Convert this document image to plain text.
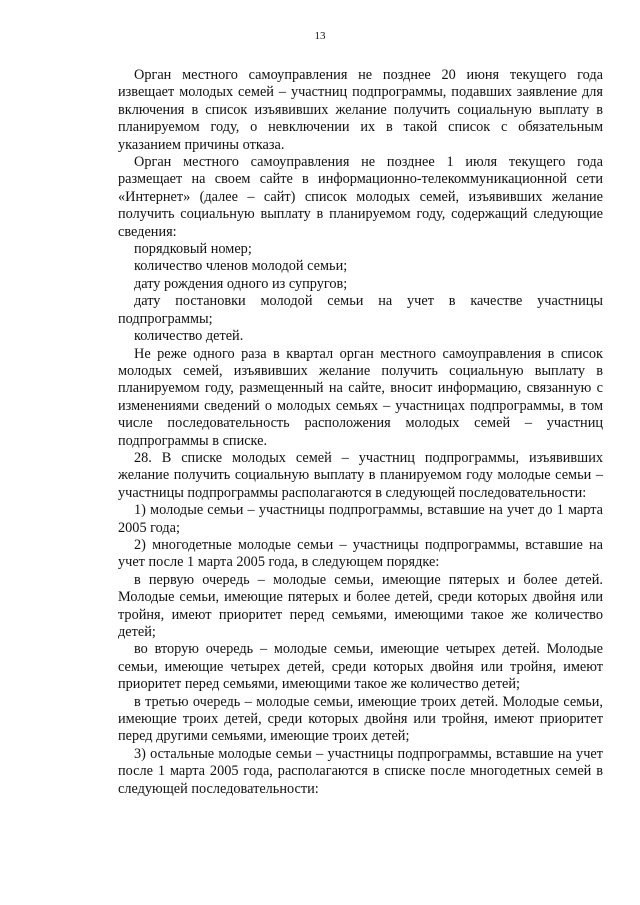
13

Орган местного самоуправления не позднее 20 июня текущего года извещает молодых семей – участниц подпрограммы, подавших заявление для включения в список изъявивших желание получить социальную выплату в планируемом году, о невключении их в такой список с обязательным указанием причины отказа.

Орган местного самоуправления не позднее 1 июля текущего года размещает на своем сайте в информационно-телекоммуникационной сети «Интернет» (далее – сайт) список молодых семей, изъявивших желание получить социальную выплату в планируемом году, содержащий следующие сведения:

порядковый номер;

количество членов молодой семьи;

дату рождения одного из супругов;

дату постановки молодой семьи на учет в качестве участницы подпрограммы;

количество детей.

Не реже одного раза в квартал орган местного самоуправления в список молодых семей, изъявивших желание получить социальную выплату в планируемом году, размещенный на сайте, вносит информацию, связанную с изменениями сведений о молодых семьях – участницах подпрограммы, в том числе последовательность расположения молодых семей – участниц подпрограммы в списке.

28. В списке молодых семей – участниц подпрограммы, изъявивших желание получить социальную выплату в планируемом году молодые семьи – участницы подпрограммы располагаются в следующей последовательности:

1) молодые семьи – участницы подпрограммы, вставшие на учет до 1 марта 2005 года;

2) многодетные молодые семьи – участницы подпрограммы, вставшие на учет после 1 марта 2005 года, в следующем порядке:

в первую очередь – молодые семьи, имеющие пятерых и более детей. Молодые семьи, имеющие пятерых и более детей, среди которых двойня или тройня, имеют приоритет перед семьями, имеющими такое же количество детей;

во вторую очередь – молодые семьи, имеющие четырех детей. Молодые семьи, имеющие четырех детей, среди которых двойня или тройня, имеют приоритет перед семьями, имеющими такое же количество детей;

в третью очередь – молодые семьи, имеющие троих детей. Молодые семьи, имеющие троих детей, среди которых двойня или тройня, имеют приоритет перед другими семьями, имеющие троих детей;

3) остальные молодые семьи – участницы подпрограммы, вставшие на учет после 1 марта 2005 года, располагаются в списке после многодетных семей в следующей последовательности:
